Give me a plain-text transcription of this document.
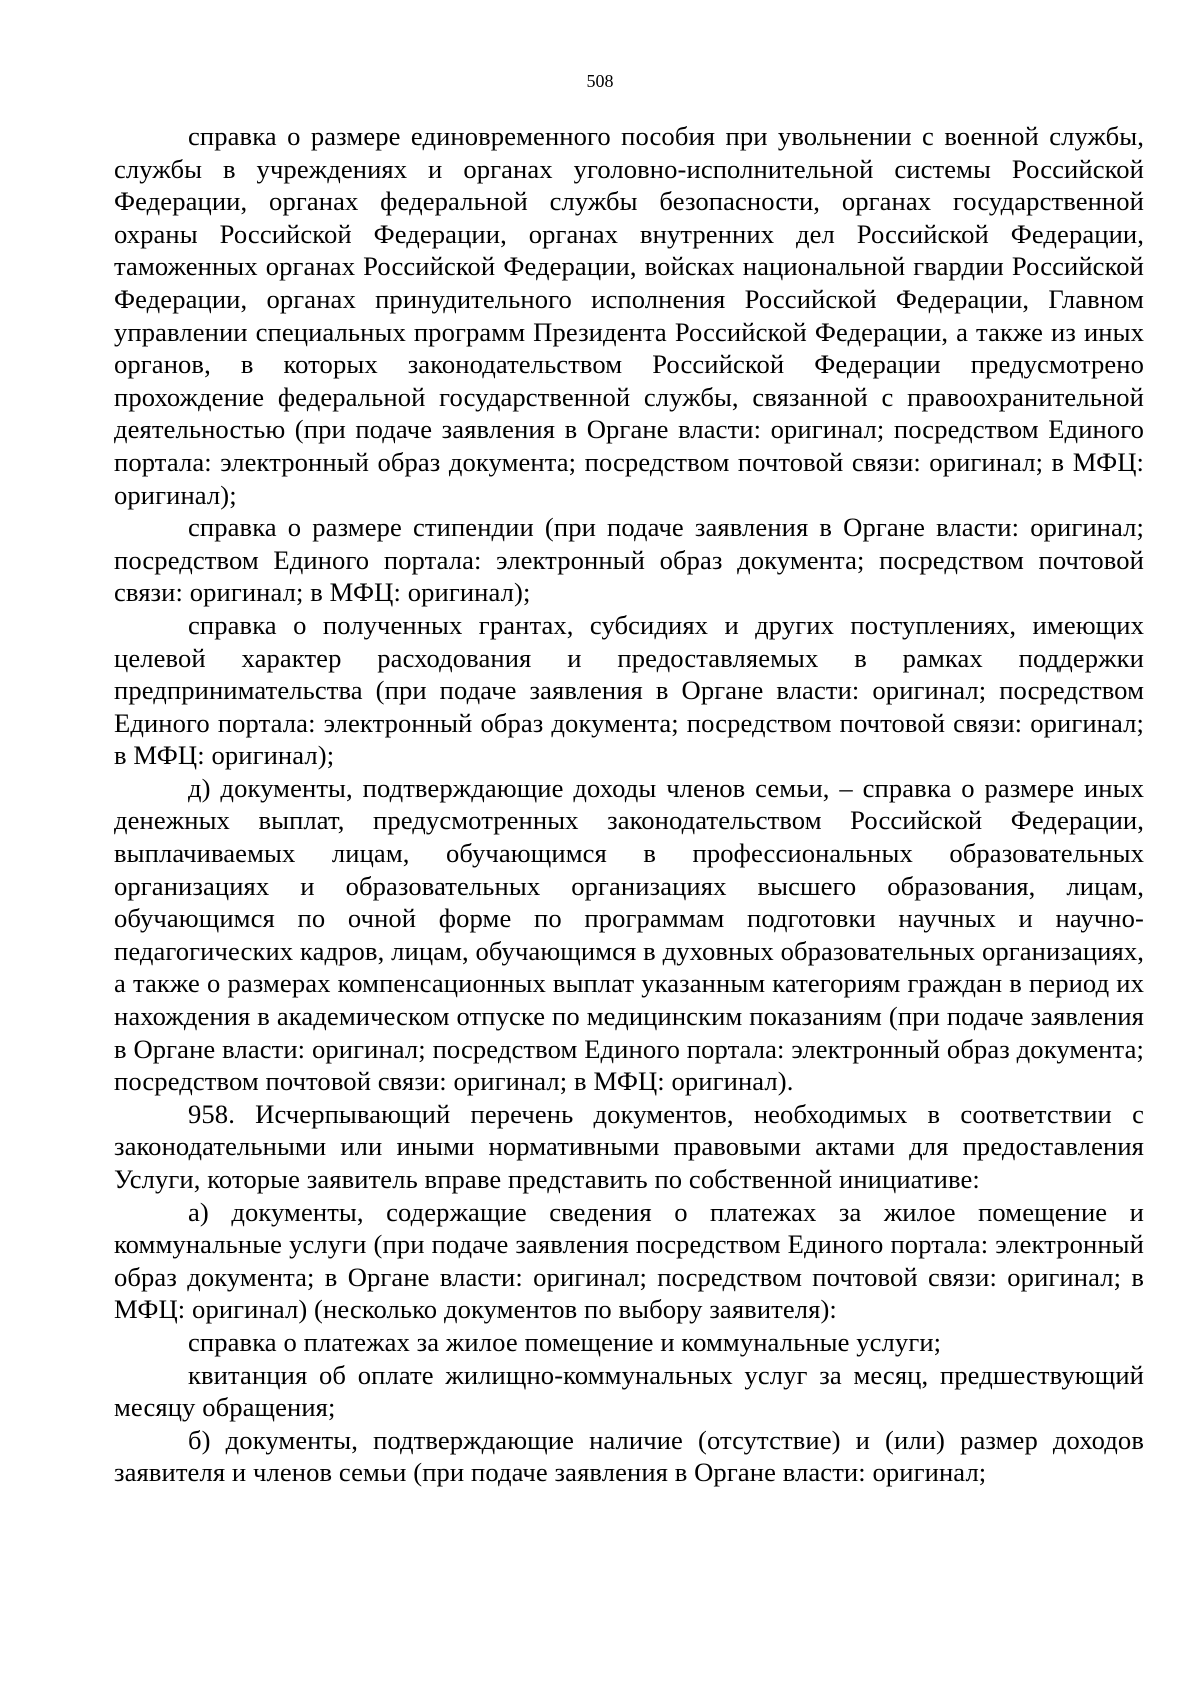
508

справка о размере единовременного пособия при увольнении с военной службы, службы в учреждениях и органах уголовно-исполнительной системы Российской Федерации, органах федеральной службы безопасности, органах государственной охраны Российской Федерации, органах внутренних дел Российской Федерации, таможенных органах Российской Федерации, войсках национальной гвардии Российской Федерации, органах принудительного исполнения Российской Федерации, Главном управлении специальных программ Президента Российской Федерации, а также из иных органов, в которых законодательством Российской Федерации предусмотрено прохождение федеральной государственной службы, связанной с правоохранительной деятельностью (при подаче заявления в Органе власти: оригинал; посредством Единого портала: электронный образ документа; посредством почтовой связи: оригинал; в МФЦ: оригинал);

справка о размере стипендии (при подаче заявления в Органе власти: оригинал; посредством Единого портала: электронный образ документа; посредством почтовой связи: оригинал; в МФЦ: оригинал);

справка о полученных грантах, субсидиях и других поступлениях, имеющих целевой характер расходования и предоставляемых в рамках поддержки предпринимательства (при подаче заявления в Органе власти: оригинал; посредством Единого портала: электронный образ документа; посредством почтовой связи: оригинал; в МФЦ: оригинал);

д) документы, подтверждающие доходы членов семьи, – справка о размере иных денежных выплат, предусмотренных законодательством Российской Федерации, выплачиваемых лицам, обучающимся в профессиональных образовательных организациях и образовательных организациях высшего образования, лицам, обучающимся по очной форме по программам подготовки научных и научно-педагогических кадров, лицам, обучающимся в духовных образовательных организациях, а также о размерах компенсационных выплат указанным категориям граждан в период их нахождения в академическом отпуске по медицинским показаниям (при подаче заявления в Органе власти: оригинал; посредством Единого портала: электронный образ документа; посредством почтовой связи: оригинал; в МФЦ: оригинал).

958. Исчерпывающий перечень документов, необходимых в соответствии с законодательными или иными нормативными правовыми актами для предоставления Услуги, которые заявитель вправе представить по собственной инициативе:

а) документы, содержащие сведения о платежах за жилое помещение и коммунальные услуги (при подаче заявления посредством Единого портала: электронный образ документа; в Органе власти: оригинал; посредством почтовой связи: оригинал; в МФЦ: оригинал) (несколько документов по выбору заявителя):

справка о платежах за жилое помещение и коммунальные услуги;

квитанция об оплате жилищно-коммунальных услуг за месяц, предшествующий месяцу обращения;

б) документы, подтверждающие наличие (отсутствие) и (или) размер доходов заявителя и членов семьи (при подаче заявления в Органе власти: оригинал;
